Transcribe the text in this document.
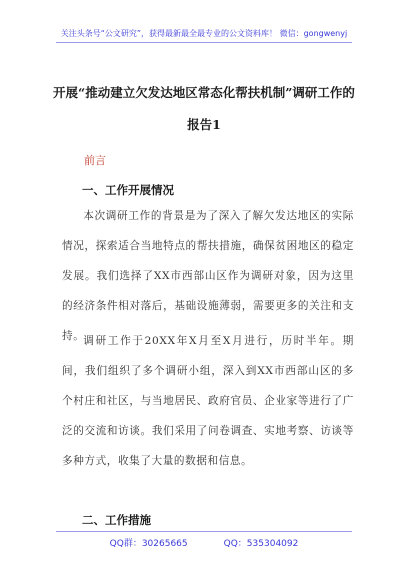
关注头条号“公文研究”，获得最新最全最专业的公文资料库！ 微信：gongwenyj
开展“推动建立欠发达地区常态化帮扶机制”调研工作的
报告1
前言
一、工作开展情况

本次调研工作的背景是为了深入了解欠发达地区的实际情况，探索适合当地特点的帮扶措施，确保贫困地区的稳定发展。我们选择了XX市西部山区作为调研对象，因为这里的经济条件相对落后，基础设施薄弱，需要更多的关注和支持。

调研工作于20XX年X月至X月进行，历时半年。期间，我们组织了多个调研小组，深入到XX市西部山区的多个村庄和社区，与当地居民、政府官员、企业家等进行了广泛的交流和访谈。我们采用了问卷调查、实地考察、访谈等多种方式，收集了大量的数据和信息。

二、工作措施
QQ群：30265665	QQ：535304092
